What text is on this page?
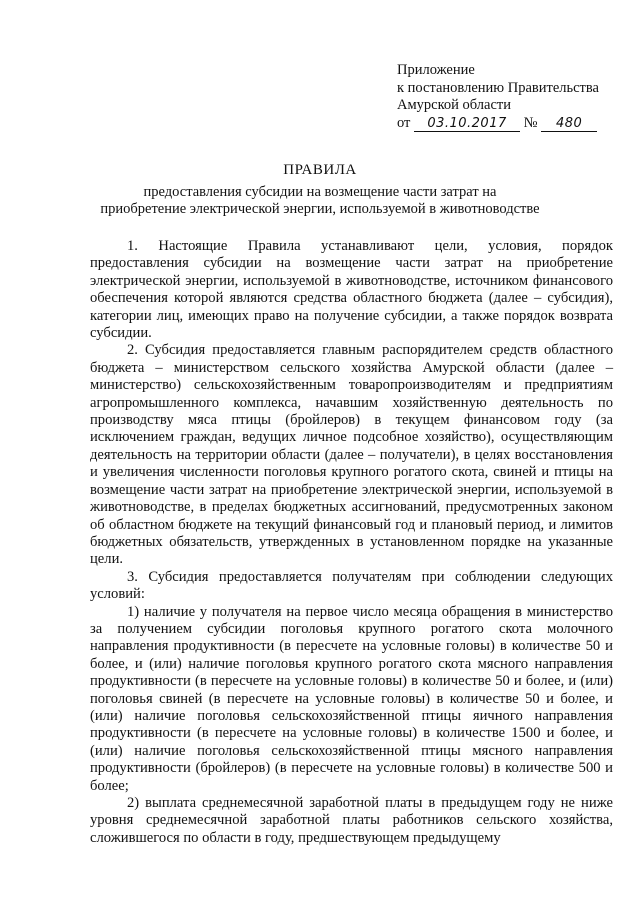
Приложение
к постановлению Правительства
Амурской области
от 03.10.2017 № 480
ПРАВИЛА
предоставления субсидии на возмещение части затрат на приобретение электрической энергии, используемой в животноводстве

1. Настоящие Правила устанавливают цели, условия, порядок предоставления субсидии на возмещение части затрат на приобретение электрической энергии, используемой в животноводстве, источником финансового обеспечения которой являются средства областного бюджета (далее – субсидия), категории лиц, имеющих право на получение субсидии, а также порядок возврата субсидии.

2. Субсидия предоставляется главным распорядителем средств областного бюджета – министерством сельского хозяйства Амурской области (далее – министерство) сельскохозяйственным товаропроизводителям и предприятиям агропромышленного комплекса, начавшим хозяйственную деятельность по производству мяса птицы (бройлеров) в текущем финансовом году (за исключением граждан, ведущих личное подсобное хозяйство), осуществляющим деятельность на территории области (далее – получатели), в целях восстановления и увеличения численности поголовья крупного рогатого скота, свиней и птицы на возмещение части затрат на приобретение электрической энергии, используемой в животноводстве, в пределах бюджетных ассигнований, предусмотренных законом об областном бюджете на текущий финансовый год и плановый период, и лимитов бюджетных обязательств, утвержденных в установленном порядке на указанные цели.

3. Субсидия предоставляется получателям при соблюдении следующих условий:

1) наличие у получателя на первое число месяца обращения в министерство за получением субсидии поголовья крупного рогатого скота молочного направления продуктивности (в пересчете на условные головы) в количестве 50 и более, и (или) наличие поголовья крупного рогатого скота мясного направления продуктивности (в пересчете на условные головы) в количестве 50 и более, и (или) поголовья свиней (в пересчете на условные головы) в количестве 50 и более, и (или) наличие поголовья сельскохозяйственной птицы яичного направления продуктивности (в пересчете на условные головы) в количестве 1500 и более, и (или) наличие поголовья сельскохозяйственной птицы мясного направления продуктивности (бройлеров) (в пересчете на условные головы) в количестве 500 и более;

2) выплата среднемесячной заработной платы в предыдущем году не ниже уровня среднемесячной заработной платы работников сельского хозяйства, сложившегося по области в году, предшествующем предыдущему
